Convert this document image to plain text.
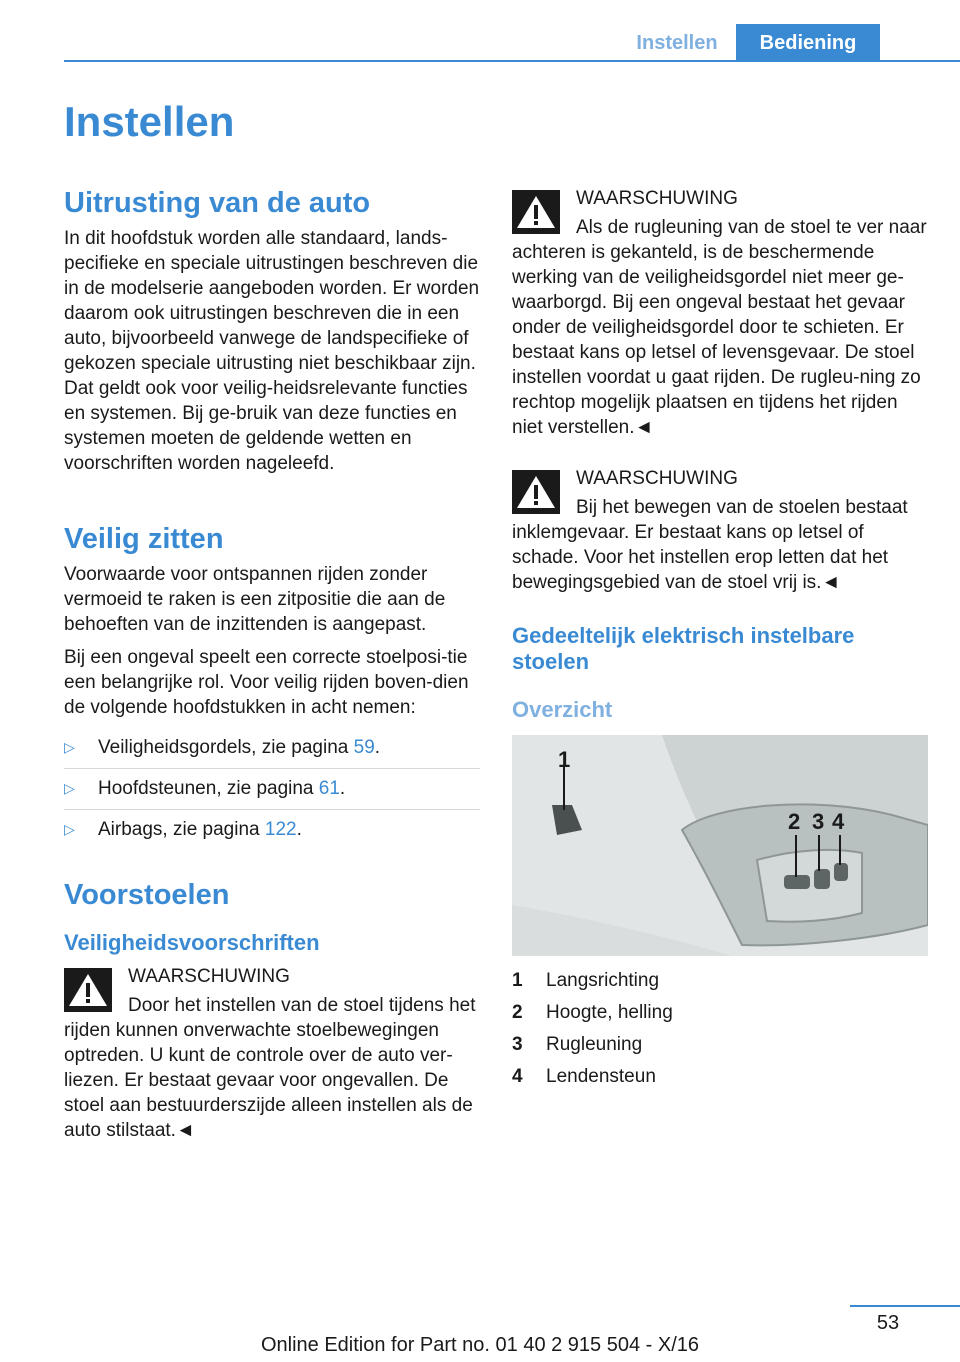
Instellen	Bediening
Instellen
Uitrusting van de auto

In dit hoofdstuk worden alle standaard, lands-pecifieke en speciale uitrustingen beschreven die in de modelserie aangeboden worden. Er worden daarom ook uitrustingen beschreven die in een auto, bijvoorbeeld vanwege de landspecifieke of gekozen speciale uitrusting niet beschikbaar zijn. Dat geldt ook voor veilig-heidsrelevante functies en systemen. Bij ge-bruik van deze functies en systemen moeten de geldende wetten en voorschriften worden nageleefd.

Veilig zitten

Voorwaarde voor ontspannen rijden zonder vermoeid te raken is een zitpositie die aan de behoeften van de inzittenden is aangepast.

Bij een ongeval speelt een correcte stoelposi-tie een belangrijke rol. Voor veilig rijden boven-dien de volgende hoofdstukken in acht nemen:

▷ Veiligheidsgordels, zie pagina 59.
▷ Hoofdsteunen, zie pagina 61.
▷ Airbags, zie pagina 122.
Voorstoelen
Veiligheidsvoorschriften
WAARSCHUWING

Door het instellen van de stoel tijdens het rijden kunnen onverwachte stoelbewegingen optreden. U kunt de controle over de auto ver-liezen. Er bestaat gevaar voor ongevallen. De stoel aan bestuurderszijde alleen instellen als de auto stilstaat.◄

WAARSCHUWING

Als de rugleuning van de stoel te ver naar achteren is gekanteld, is de beschermende werking van de veiligheidsgordel niet meer ge-waarborgd. Bij een ongeval bestaat het gevaar onder de veiligheidsgordel door te schieten. Er bestaat kans op letsel of levensgevaar. De stoel instellen voordat u gaat rijden. De rugleu-ning zo rechtop mogelijk plaatsen en tijdens het rijden niet verstellen.◄

WAARSCHUWING

Bij het bewegen van de stoelen bestaat inklemgevaar. Er bestaat kans op letsel of schade. Voor het instellen erop letten dat het bewegingsgebied van de stoel vrij is.◄

Gedeeltelijk elektrisch instelbare stoelen
Overzicht
1
2 3 4
1	Langsrichting
2	Hoogte, helling
3	Rugleuning
4	Lendensteun
53
Online Edition for Part no. 01 40 2 915 504 - X/16
